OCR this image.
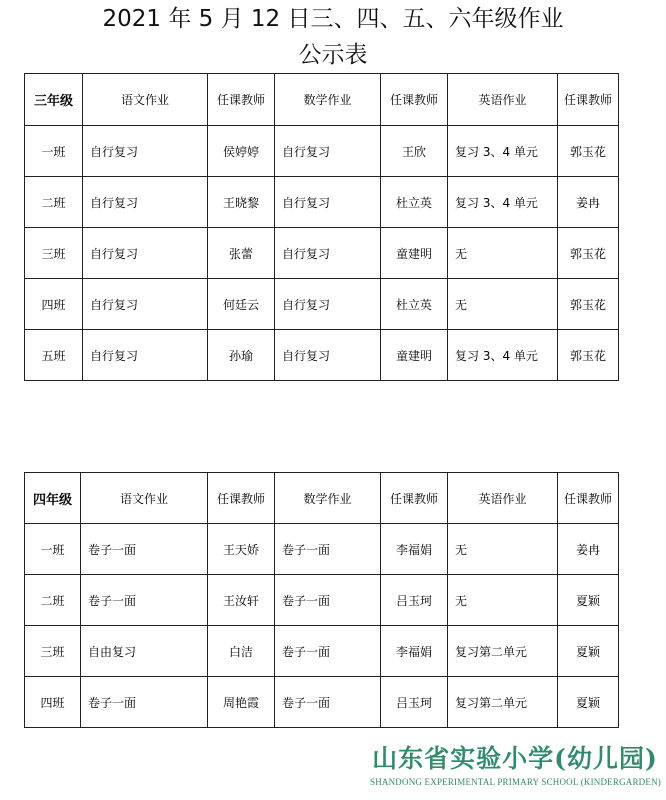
2021 年 5 月 12 日三、四、五、六年级作业
公示表
三年级	语文作业	任课教师	数学作业	任课教师	英语作业	任课教师
一班	自行复习	侯婷婷	自行复习	王欣	复习 3、4 单元	郭玉花
二班	自行复习	王晓黎	自行复习	杜立英	复习 3、4 单元	姜冉
三班	自行复习	张蕾	自行复习	童建明	无	郭玉花
四班	自行复习	何廷云	自行复习	杜立英	无	郭玉花
五班	自行复习	孙瑜	自行复习	童建明	复习 3、4 单元	郭玉花
四年级	语文作业	任课教师	数学作业	任课教师	英语作业	任课教师
一班	卷子一面	王天娇	卷子一面	李福娟	无	姜冉
二班	卷子一面	王汝轩	卷子一面	吕玉珂	无	夏颖
三班	自由复习	白洁	卷子一面	李福娟	复习第二单元	夏颖
四班	卷子一面	周艳霞	卷子一面	吕玉珂	复习第二单元	夏颖
山东省实验小学(幼儿园)
SHANDONG EXPERIMENTAL PRIMARY SCHOOL (KINDERGARDEN)
